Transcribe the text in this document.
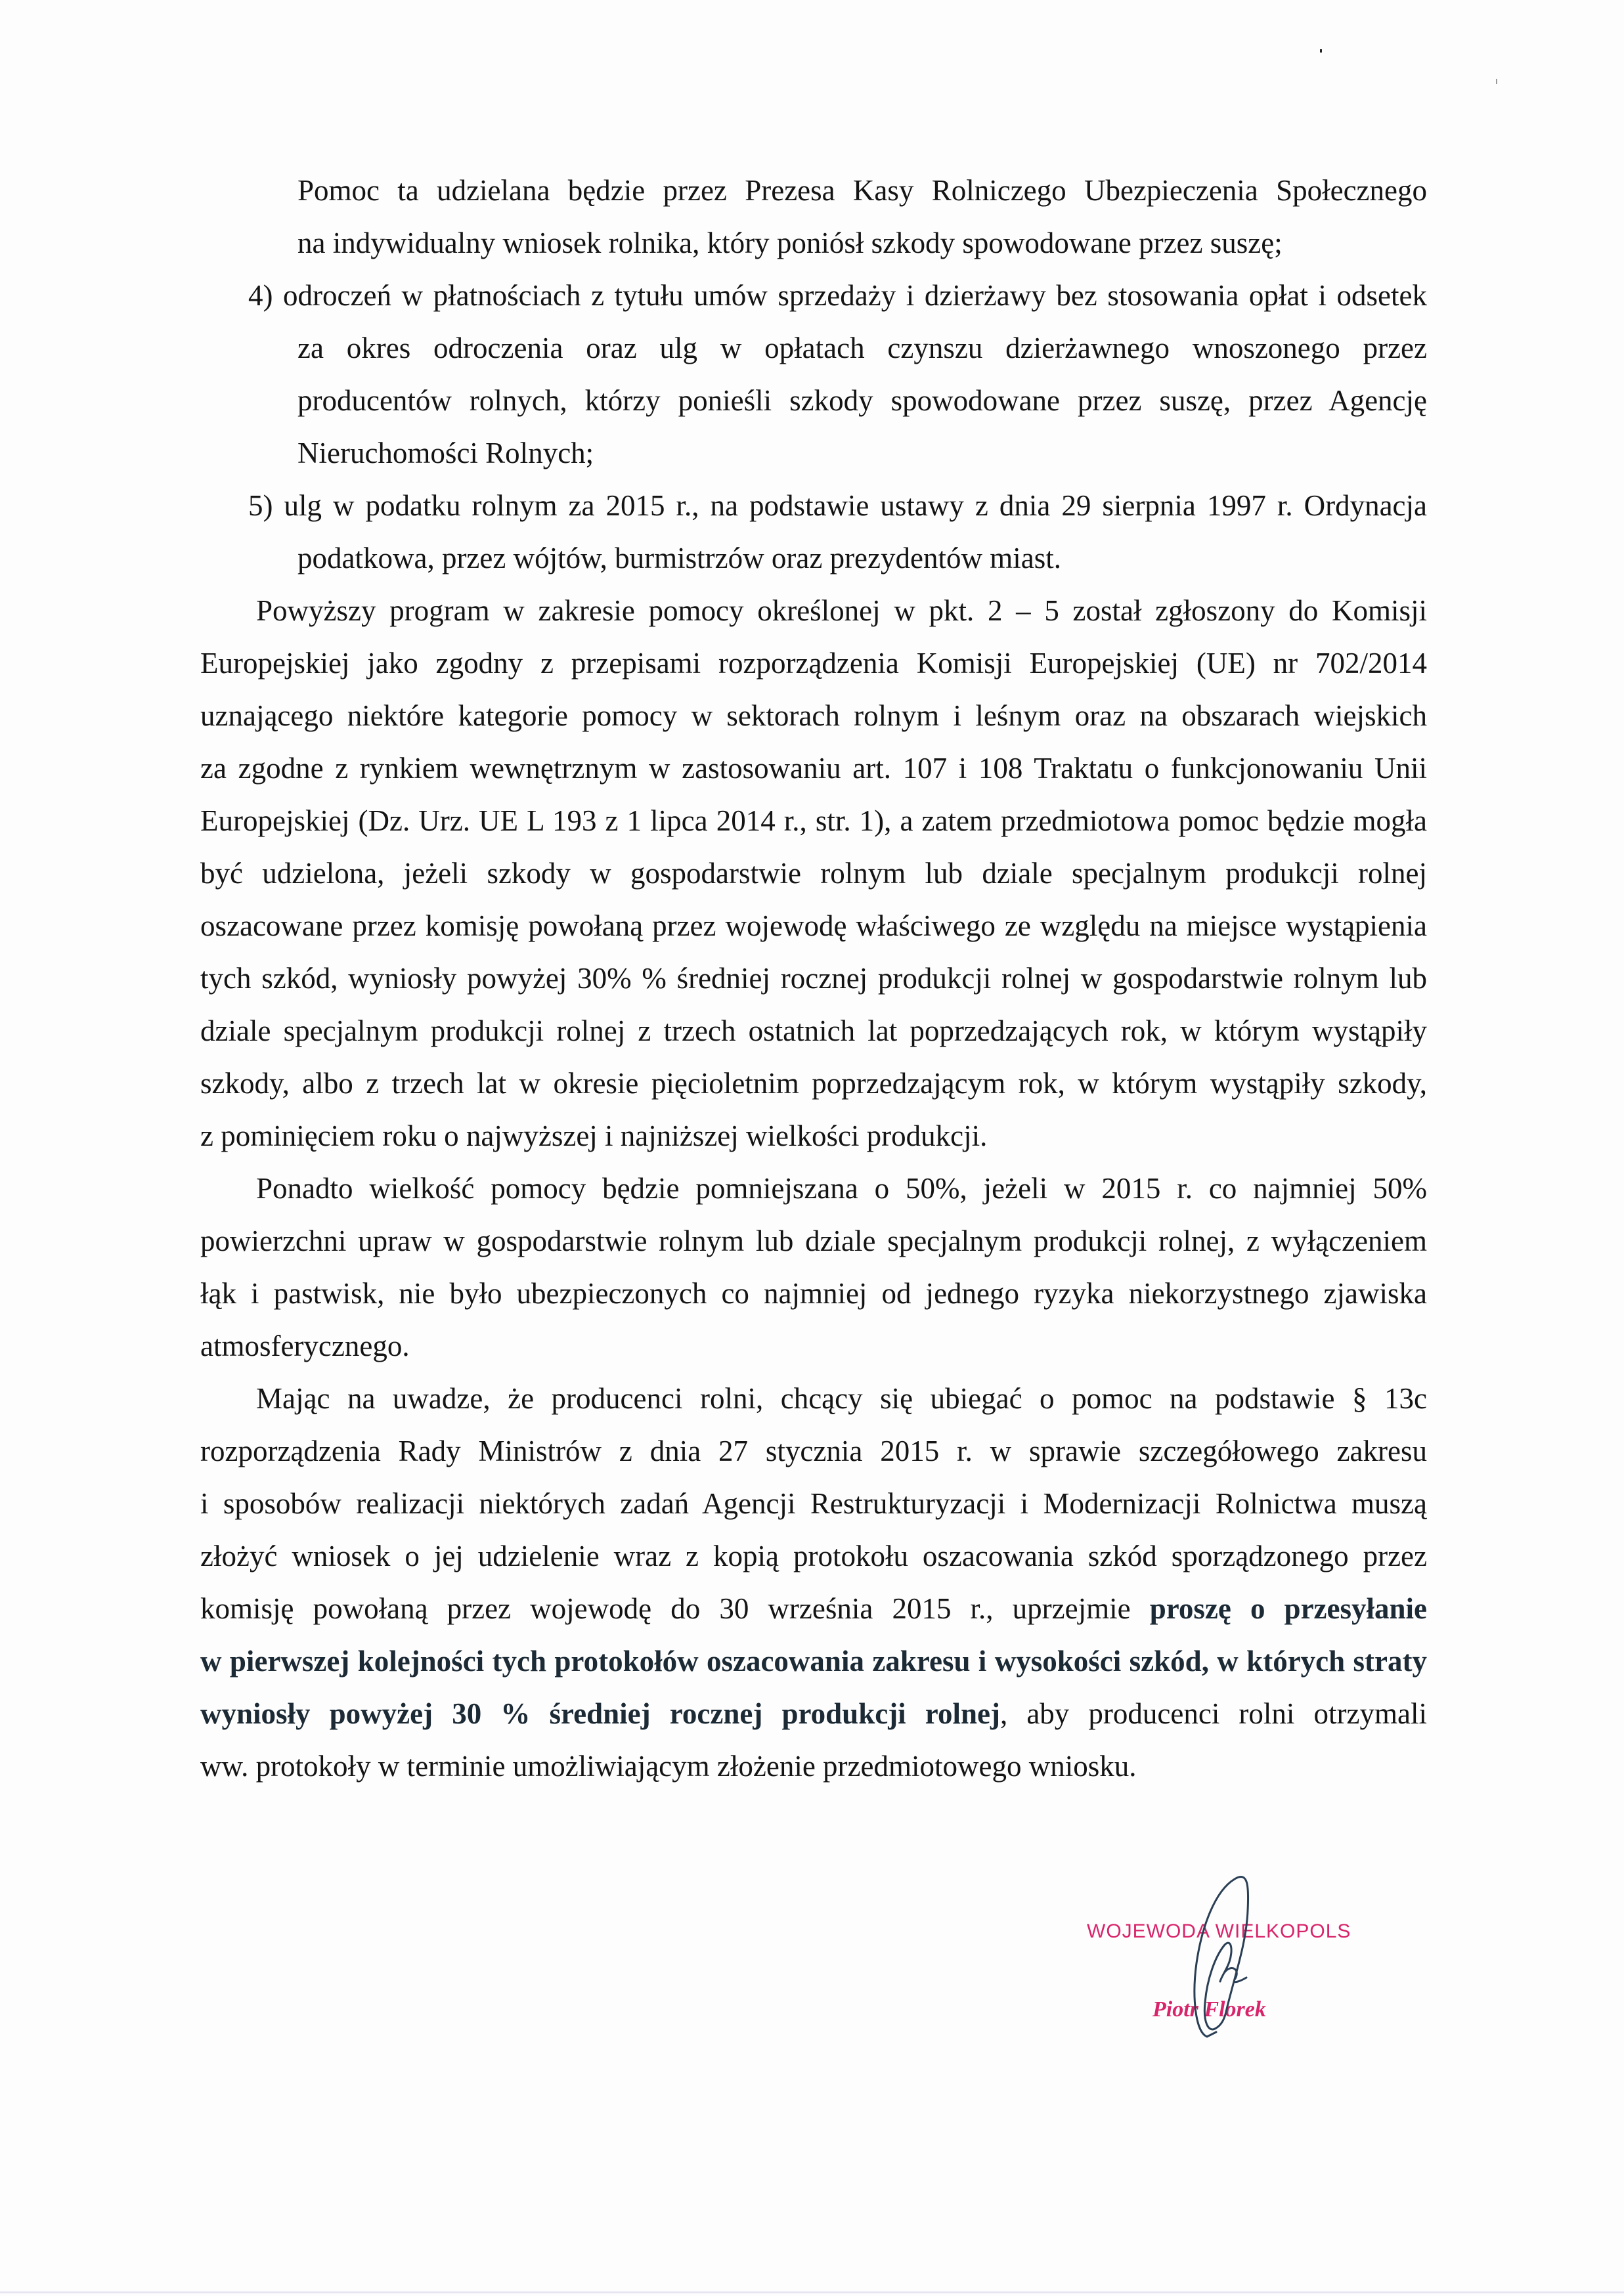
Pomoc ta udzielana będzie przez Prezesa Kasy Rolniczego Ubezpieczenia Społecznego
na indywidualny wniosek rolnika, który poniósł szkody spowodowane przez suszę;
4) odroczeń w płatnościach z tytułu umów sprzedaży i dzierżawy bez stosowania opłat i odsetek
za okres odroczenia oraz ulg w opłatach czynszu dzierżawnego wnoszonego przez
producentów rolnych, którzy ponieśli szkody spowodowane przez suszę, przez Agencję
Nieruchomości Rolnych;
5) ulg w podatku rolnym za 2015 r., na podstawie ustawy z dnia 29 sierpnia 1997 r. Ordynacja
podatkowa, przez wójtów, burmistrzów oraz prezydentów miast.
Powyższy program w zakresie pomocy określonej w pkt. 2 – 5 został zgłoszony do Komisji
Europejskiej jako zgodny z przepisami rozporządzenia Komisji Europejskiej (UE) nr 702/2014
uznającego niektóre kategorie pomocy w sektorach rolnym i leśnym oraz na obszarach wiejskich
za zgodne z rynkiem wewnętrznym w zastosowaniu art. 107 i 108 Traktatu o funkcjonowaniu Unii
Europejskiej (Dz. Urz. UE L 193 z 1 lipca 2014 r., str. 1), a zatem przedmiotowa pomoc będzie mogła
być udzielona, jeżeli szkody w gospodarstwie rolnym lub dziale specjalnym produkcji rolnej
oszacowane przez komisję powołaną przez wojewodę właściwego ze względu na miejsce wystąpienia
tych szkód, wyniosły powyżej 30% % średniej rocznej produkcji rolnej w gospodarstwie rolnym lub
dziale specjalnym produkcji rolnej z trzech ostatnich lat poprzedzających rok, w którym wystąpiły
szkody, albo z trzech lat w okresie pięcioletnim poprzedzającym rok, w którym wystąpiły szkody,
z pominięciem roku o najwyższej i najniższej wielkości produkcji.
Ponadto wielkość pomocy będzie pomniejszana o 50%, jeżeli w 2015 r. co najmniej 50%
powierzchni upraw w gospodarstwie rolnym lub dziale specjalnym produkcji rolnej, z wyłączeniem
łąk i pastwisk, nie było ubezpieczonych co najmniej od jednego ryzyka niekorzystnego zjawiska
atmosferycznego.
Mając na uwadze, że producenci rolni, chcący się ubiegać o pomoc na podstawie § 13c
rozporządzenia Rady Ministrów z dnia 27 stycznia 2015 r. w sprawie szczegółowego zakresu
i sposobów realizacji niektórych zadań Agencji Restrukturyzacji i Modernizacji Rolnictwa muszą
złożyć wniosek o jej udzielenie wraz z kopią protokołu oszacowania szkód sporządzonego przez
komisję powołaną przez wojewodę do 30 września 2015 r., uprzejmie proszę o przesyłanie
w pierwszej kolejności tych protokołów oszacowania zakresu i wysokości szkód, w których straty
wyniosły powyżej 30 % średniej rocznej produkcji rolnej, aby producenci rolni otrzymali
ww. protokoły w terminie umożliwiającym złożenie przedmiotowego wniosku.
WOJEWODA WIELKOPOLS
Piotr Florek
